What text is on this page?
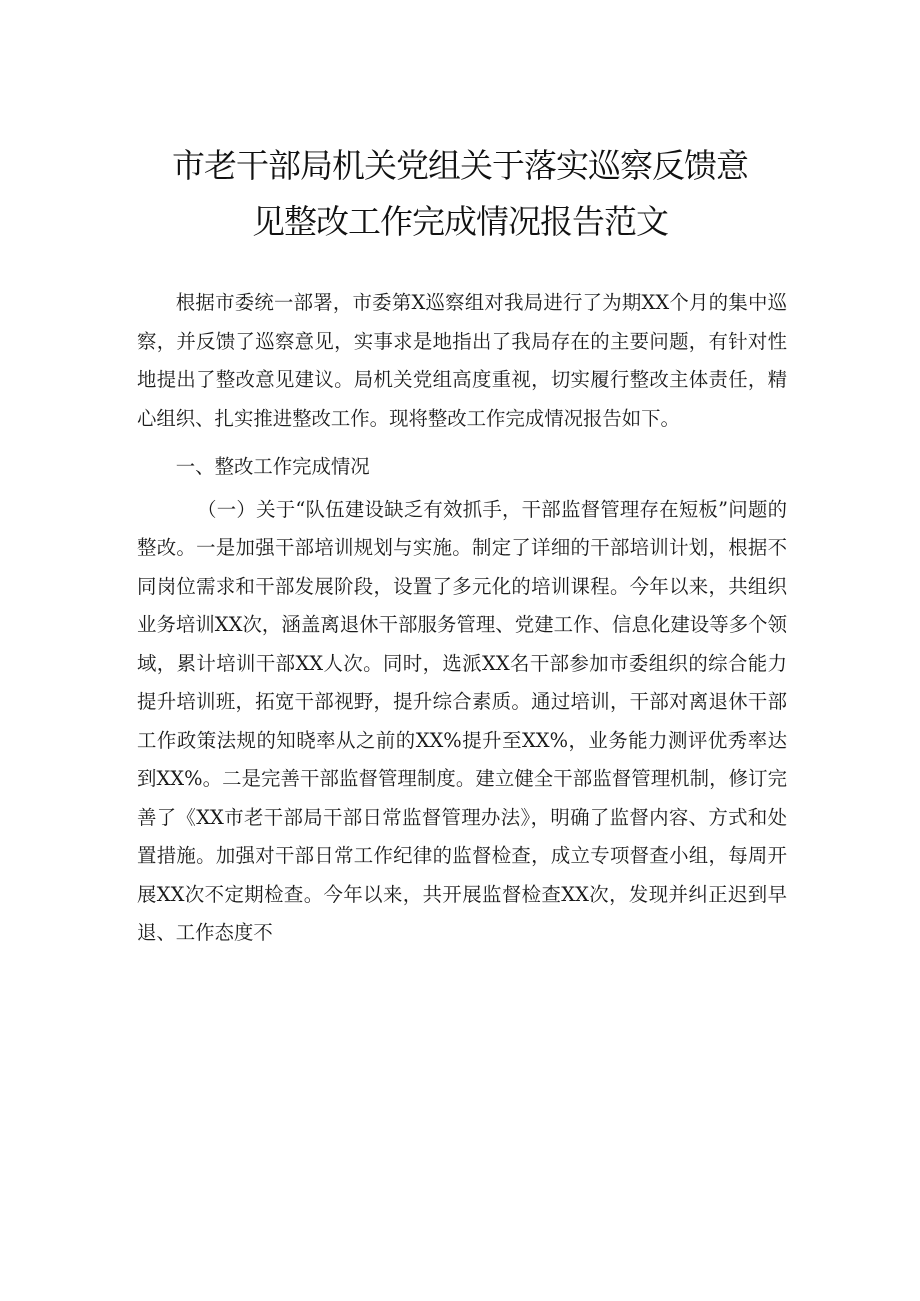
市老干部局机关党组关于落实巡察反馈意
见整改工作完成情况报告范文

根据市委统一部署，市委第X巡察组对我局进行了为期XX个月的集中巡察，并反馈了巡察意见，实事求是地指出了我局存在的主要问题，有针对性地提出了整改意见建议。局机关党组高度重视，切实履行整改主体责任，精心组织、扎实推进整改工作。现将整改工作完成情况报告如下。

一、整改工作完成情况

（一）关于“队伍建设缺乏有效抓手，干部监督管理存在短板”问题的整改。一是加强干部培训规划与实施。制定了详细的干部培训计划，根据不同岗位需求和干部发展阶段，设置了多元化的培训课程。今年以来，共组织业务培训XX次，涵盖离退休干部服务管理、党建工作、信息化建设等多个领域，累计培训干部XX人次。同时，选派XX名干部参加市委组织的综合能力提升培训班，拓宽干部视野，提升综合素质。通过培训，干部对离退休干部工作政策法规的知晓率从之前的XX%提升至XX%，业务能力测评优秀率达到XX%。二是完善干部监督管理制度。建立健全干部监督管理机制，修订完善了《XX市老干部局干部日常监督管理办法》，明确了监督内容、方式和处置措施。加强对干部日常工作纪律的监督检查，成立专项督查小组，每周开展XX次不定期检查。今年以来，共开展监督检查XX次，发现并纠正迟到早退、工作态度不
